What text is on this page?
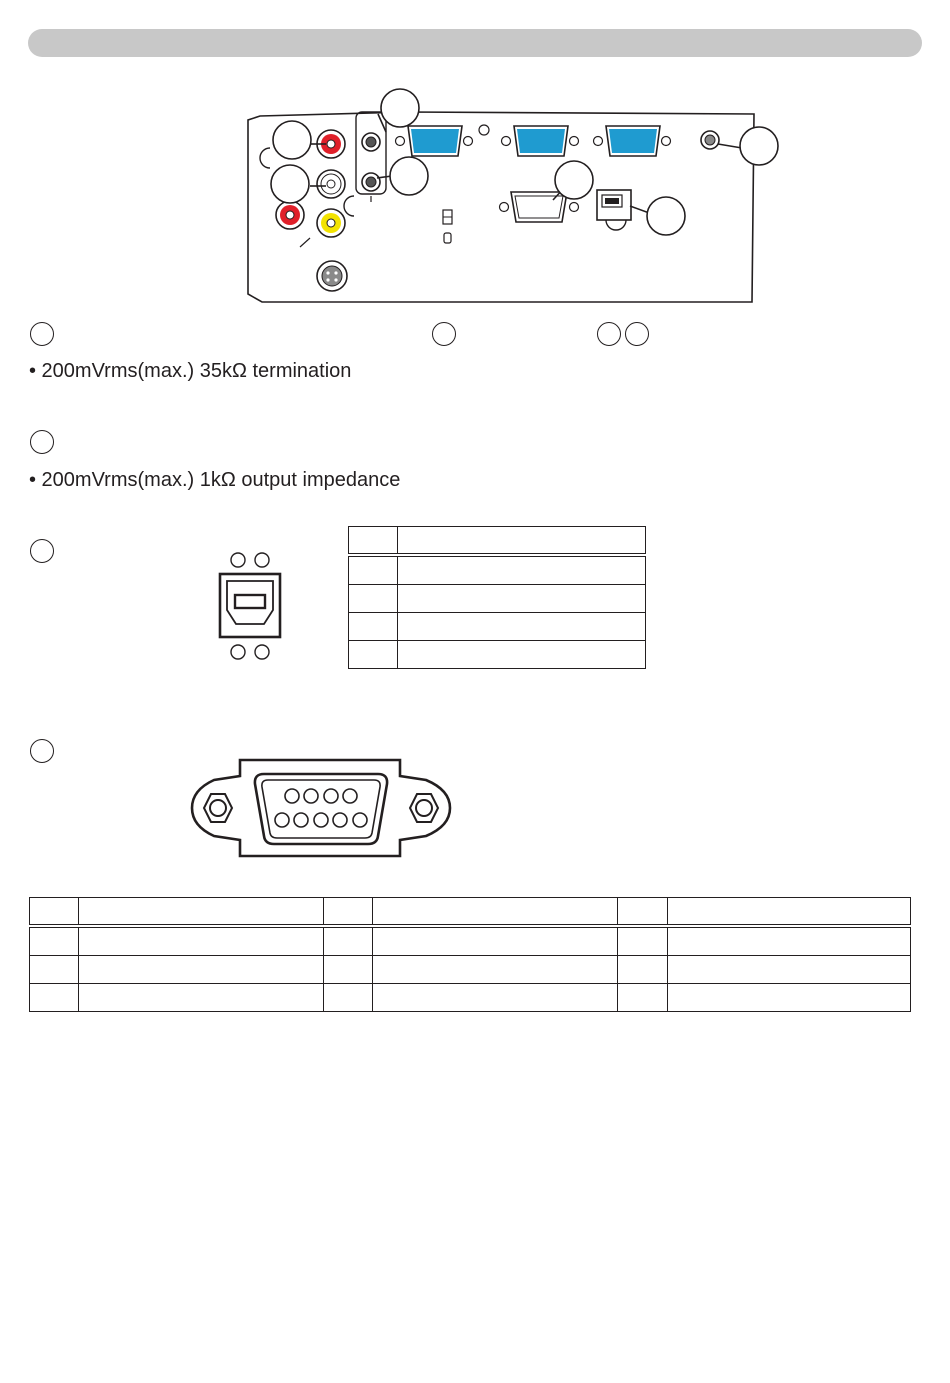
• 200mVrms(max.) 35kΩ termination
• 200mVrms(max.) 1kΩ output impedance
